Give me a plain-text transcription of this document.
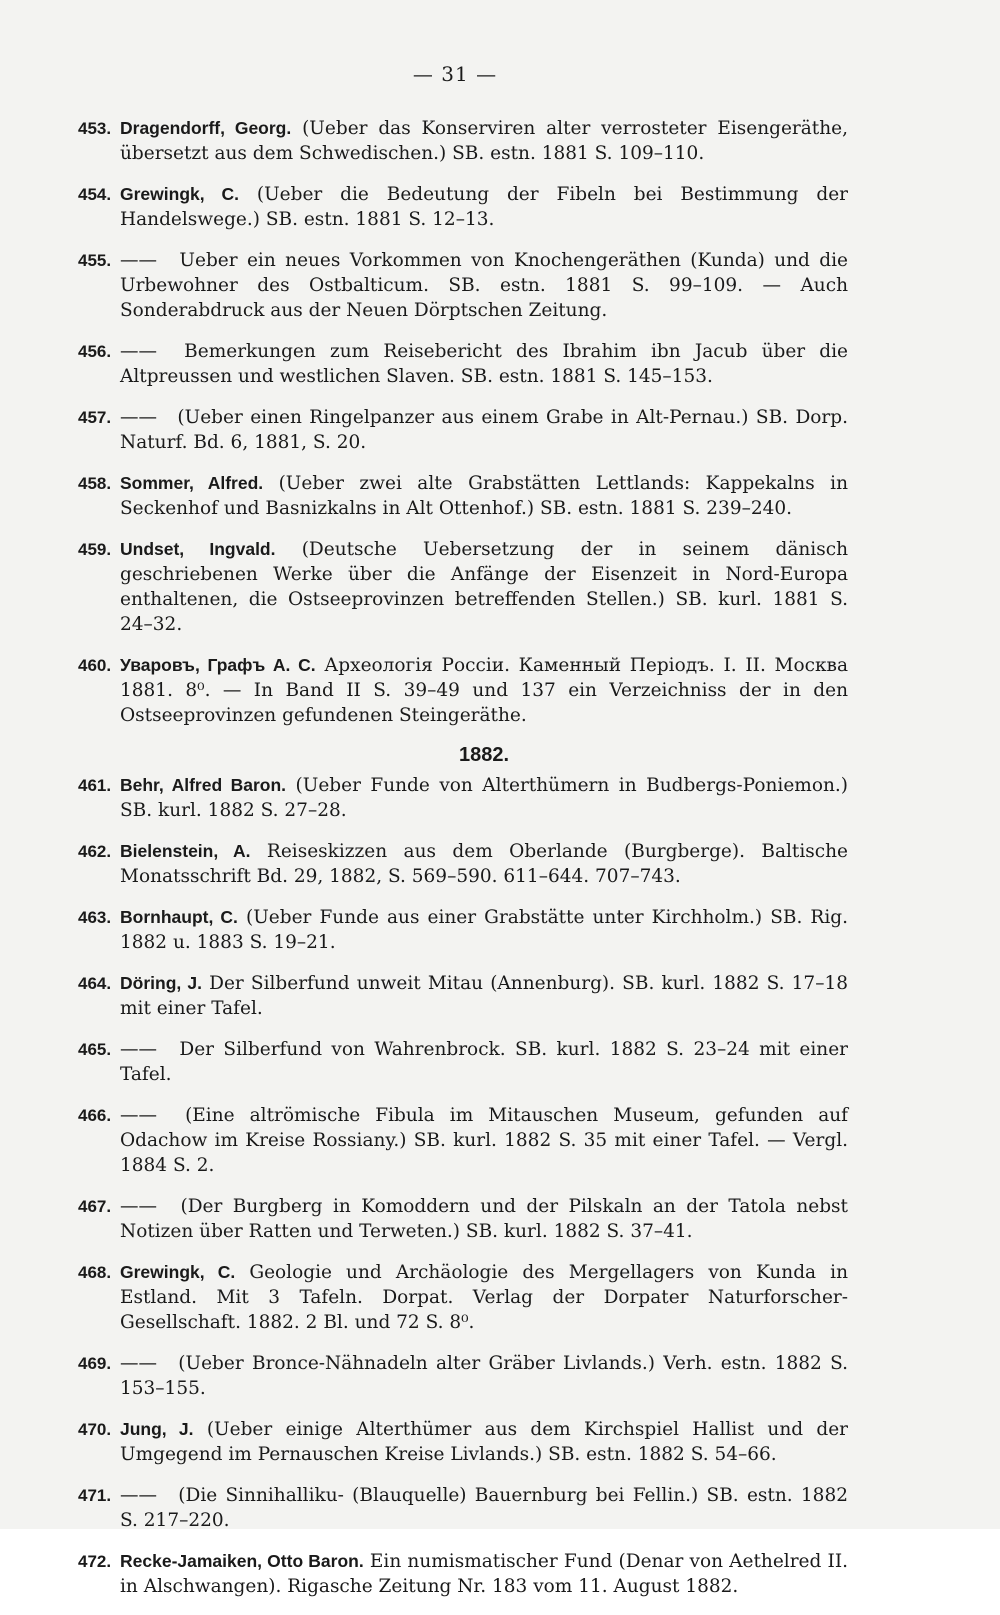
— 31 —
453. Dragendorff, Georg. (Ueber das Konserviren alter verrosteter Eisengeräthe, übersetzt aus dem Schwedischen.) SB. estn. 1881 S. 109–110.
454. Grewingk, C. (Ueber die Bedeutung der Fibeln bei Bestimmung der Handelswege.) SB. estn. 1881 S. 12–13.
455. —— Ueber ein neues Vorkommen von Knochengeräthen (Kunda) und die Urbewohner des Ostbalticum. SB. estn. 1881 S. 99–109. — Auch Sonderabdruck aus der Neuen Dörptschen Zeitung.
456. —— Bemerkungen zum Reisebericht des Ibrahim ibn Jacub über die Altpreussen und westlichen Slaven. SB. estn. 1881 S. 145–153.
457. —— (Ueber einen Ringelpanzer aus einem Grabe in Alt-Pernau.) SB. Dorp. Naturf. Bd. 6, 1881, S. 20.
458. Sommer, Alfred. (Ueber zwei alte Grabstätten Lettlands: Kappekalns in Seckenhof und Basnizkalns in Alt Ottenhof.) SB. estn. 1881 S. 239–240.
459. Undset, Ingvald. (Deutsche Uebersetzung der in seinem dänisch geschriebenen Werke über die Anfänge der Eisenzeit in Nord-Europa enthaltenen, die Ostseeprovinzen betreffenden Stellen.) SB. kurl. 1881 S. 24–32.
460. Уваровъ, Графъ А. С. Археологія Россіи. Каменный Періодъ. I. II. Москва 1881. 8⁰. — In Band II S. 39–49 und 137 ein Verzeichniss der in den Ostseeprovinzen gefundenen Steingeräthe.
1882.
461. Behr, Alfred Baron. (Ueber Funde von Alterthümern in Budbergs-Poniemon.) SB. kurl. 1882 S. 27–28.
462. Bielenstein, A. Reiseskizzen aus dem Oberlande (Burgberge). Baltische Monatsschrift Bd. 29, 1882, S. 569–590. 611–644. 707–743.
463. Bornhaupt, C. (Ueber Funde aus einer Grabstätte unter Kirchholm.) SB. Rig. 1882 u. 1883 S. 19–21.
464. Döring, J. Der Silberfund unweit Mitau (Annenburg). SB. kurl. 1882 S. 17–18 mit einer Tafel.
465. —— Der Silberfund von Wahrenbrock. SB. kurl. 1882 S. 23–24 mit einer Tafel.
466. —— (Eine altrömische Fibula im Mitauschen Museum, gefunden auf Odachow im Kreise Rossiany.) SB. kurl. 1882 S. 35 mit einer Tafel. — Vergl. 1884 S. 2.
467. —— (Der Burgberg in Komoddern und der Pilskaln an der Tatola nebst Notizen über Ratten und Terweten.) SB. kurl. 1882 S. 37–41.
468. Grewingk, C. Geologie und Archäologie des Mergellagers von Kunda in Estland. Mit 3 Tafeln. Dorpat. Verlag der Dorpater Naturforscher-Gesellschaft. 1882. 2 Bl. und 72 S. 8⁰.
469. —— (Ueber Bronce-Nähnadeln alter Gräber Livlands.) Verh. estn. 1882 S. 153–155.
470. Jung, J. (Ueber einige Alterthümer aus dem Kirchspiel Hallist und der Umgegend im Pernauschen Kreise Livlands.) SB. estn. 1882 S. 54–66.
471. —— (Die Sinnihalliku- (Blauquelle) Bauernburg bei Fellin.) SB. estn. 1882 S. 217–220.
472. Recke-Jamaiken, Otto Baron. Ein numismatischer Fund (Denar von Aethelred II. in Alschwangen). Rigasche Zeitung Nr. 183 vom 11. August 1882.
